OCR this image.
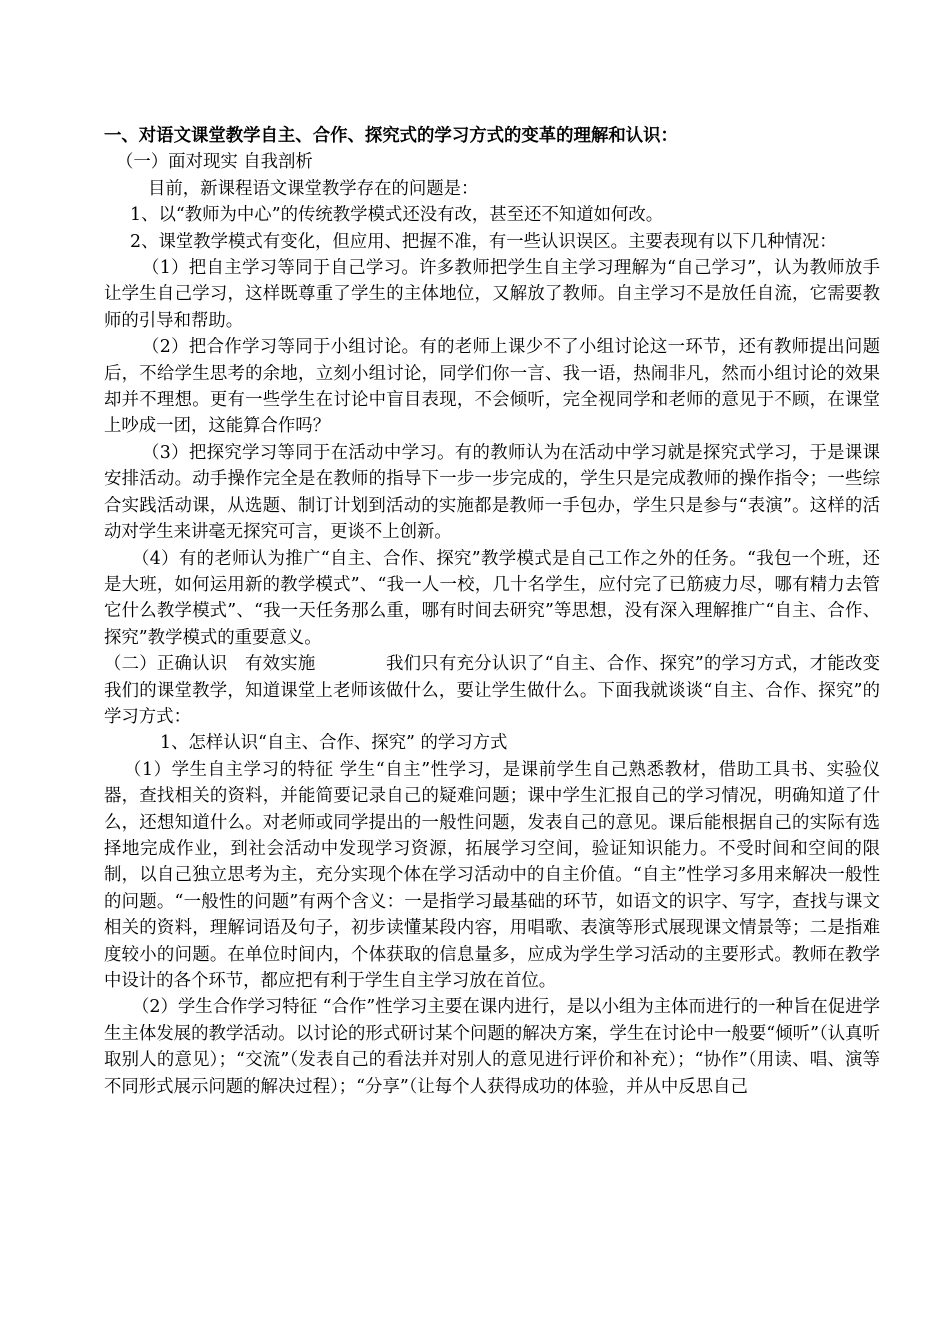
一、对语文课堂教学自主、合作、探究式的学习方式的变革的理解和认识：

（一）面对现实 自我剖析

目前，新课程语文课堂教学存在的问题是：

1、以“教师为中心”的传统教学模式还没有改，甚至还不知道如何改。

2、课堂教学模式有变化，但应用、把握不准，有一些认识误区。主要表现有以下几种情况：

（1）把自主学习等同于自己学习。许多教师把学生自主学习理解为“自己学习”，认为教师放手让学生自己学习，这样既尊重了学生的主体地位，又解放了教师。自主学习不是放任自流，它需要教师的引导和帮助。

（2）把合作学习等同于小组讨论。有的老师上课少不了小组讨论这一环节，还有教师提出问题后，不给学生思考的余地，立刻小组讨论，同学们你一言、我一语，热闹非凡，然而小组讨论的效果却并不理想。更有一些学生在讨论中盲目表现，不会倾听，完全视同学和老师的意见于不顾，在课堂上吵成一团，这能算合作吗？

（3）把探究学习等同于在活动中学习。有的教师认为在活动中学习就是探究式学习，于是课课安排活动。动手操作完全是在教师的指导下一步一步完成的，学生只是完成教师的操作指令；一些综合实践活动课，从选题、制订计划到活动的实施都是教师一手包办，学生只是参与“表演”。这样的活动对学生来讲毫无探究可言，更谈不上创新。

（4）有的老师认为推广“自主、合作、探究”教学模式是自己工作之外的任务。“我包一个班，还是大班，如何运用新的教学模式”、“我一人一校，几十名学生，应付完了已筋疲力尽，哪有精力去管它什么教学模式”、“我一天任务那么重，哪有时间去研究”等思想，没有深入理解推广“自主、合作、探究”教学模式的重要意义。

（二）正确认识　有效实施　　　　我们只有充分认识了“自主、合作、探究”的学习方式，才能改变我们的课堂教学，知道课堂上老师该做什么，要让学生做什么。下面我就谈谈“自主、合作、探究”的学习方式：

1、怎样认识“自主、合作、探究” 的学习方式

（1）学生自主学习的特征 学生“自主”性学习，是课前学生自己熟悉教材，借助工具书、实验仪器，查找相关的资料，并能简要记录自己的疑难问题；课中学生汇报自己的学习情况，明确知道了什么，还想知道什么。对老师或同学提出的一般性问题，发表自己的意见。课后能根据自己的实际有选择地完成作业，到社会活动中发现学习资源，拓展学习空间，验证知识能力。不受时间和空间的限制，以自己独立思考为主，充分实现个体在学习活动中的自主价值。“自主”性学习多用来解决一般性的问题。“一般性的问题”有两个含义：一是指学习最基础的环节，如语文的识字、写字，查找与课文相关的资料，理解词语及句子，初步读懂某段内容，用唱歌、表演等形式展现课文情景等；二是指难度较小的问题。在单位时间内，个体获取的信息量多，应成为学生学习活动的主要形式。教师在教学中设计的各个环节，都应把有利于学生自主学习放在首位。

（2）学生合作学习特征 “合作”性学习主要在课内进行，是以小组为主体而进行的一种旨在促进学生主体发展的教学活动。以讨论的形式研讨某个问题的解决方案，学生在讨论中一般要“倾听”（认真听取别人的意见）；“交流”（发表自己的看法并对别人的意见进行评价和补充）；“协作”（用读、唱、演等不同形式展示问题的解决过程）；“分享”（让每个人获得成功的体验，并从中反思自己
